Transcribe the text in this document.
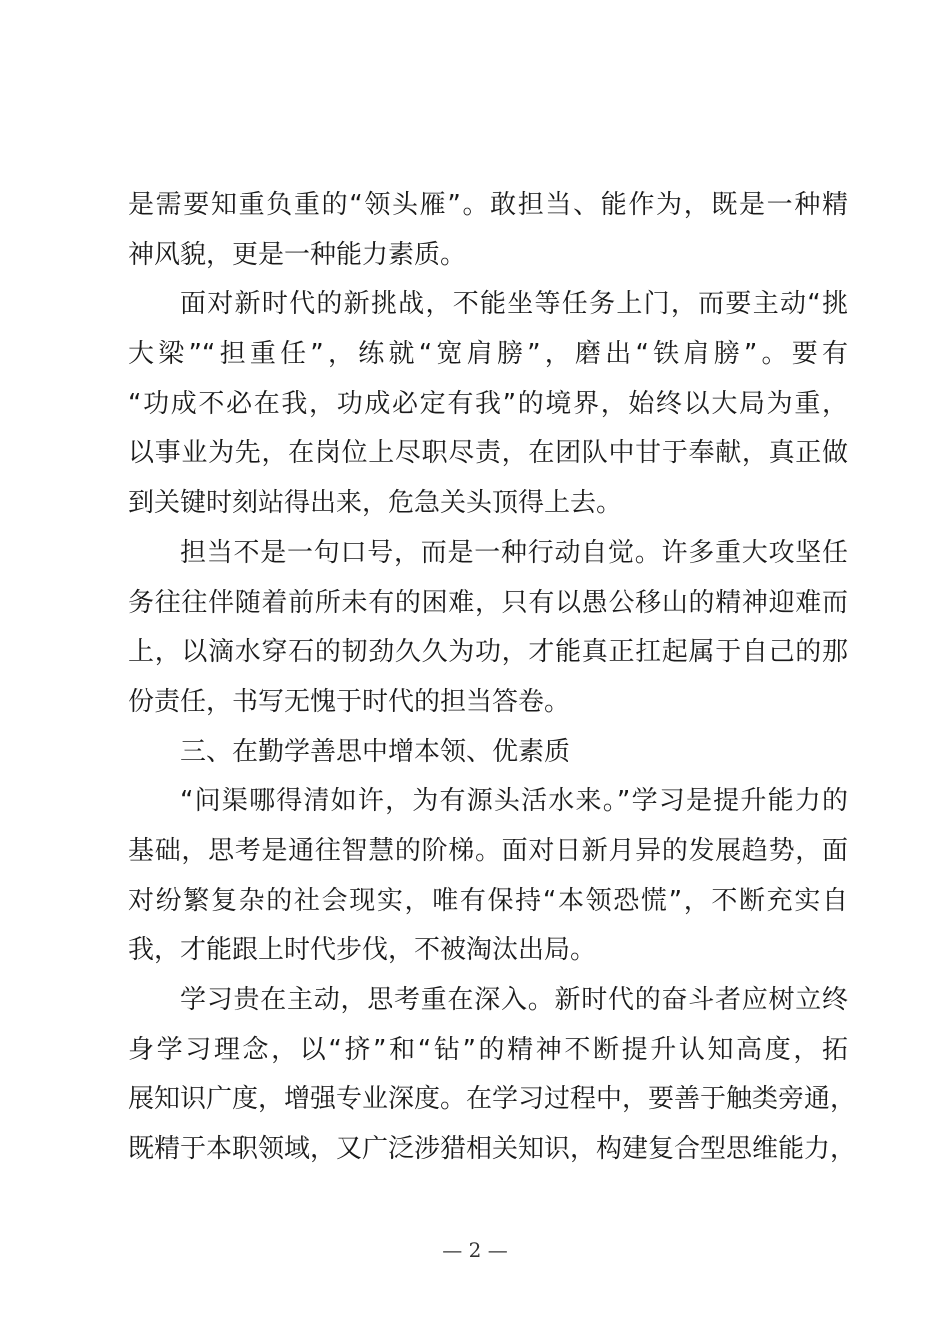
是需要知重负重的“领头雁”。敢担当、能作为，既是一种精
神风貌，更是一种能力素质。
面对新时代的新挑战，不能坐等任务上门，而要主动“挑
大梁”“担重任”，练就“宽肩膀”，磨出“铁肩膀”。要有
“功成不必在我，功成必定有我”的境界，始终以大局为重，
以事业为先，在岗位上尽职尽责，在团队中甘于奉献，真正做
到关键时刻站得出来，危急关头顶得上去。
担当不是一句口号，而是一种行动自觉。许多重大攻坚任
务往往伴随着前所未有的困难，只有以愚公移山的精神迎难而
上，以滴水穿石的韧劲久久为功，才能真正扛起属于自己的那
份责任，书写无愧于时代的担当答卷。
三、在勤学善思中增本领、优素质
“问渠哪得清如许，为有源头活水来。”学习是提升能力的
基础，思考是通往智慧的阶梯。面对日新月异的发展趋势，面
对纷繁复杂的社会现实，唯有保持“本领恐慌”，不断充实自
我，才能跟上时代步伐，不被淘汰出局。
学习贵在主动，思考重在深入。新时代的奋斗者应树立终
身学习理念，以“挤”和“钻”的精神不断提升认知高度，拓
展知识广度，增强专业深度。在学习过程中，要善于触类旁通，
既精于本职领域，又广泛涉猎相关知识，构建复合型思维能力，
— 2 —
